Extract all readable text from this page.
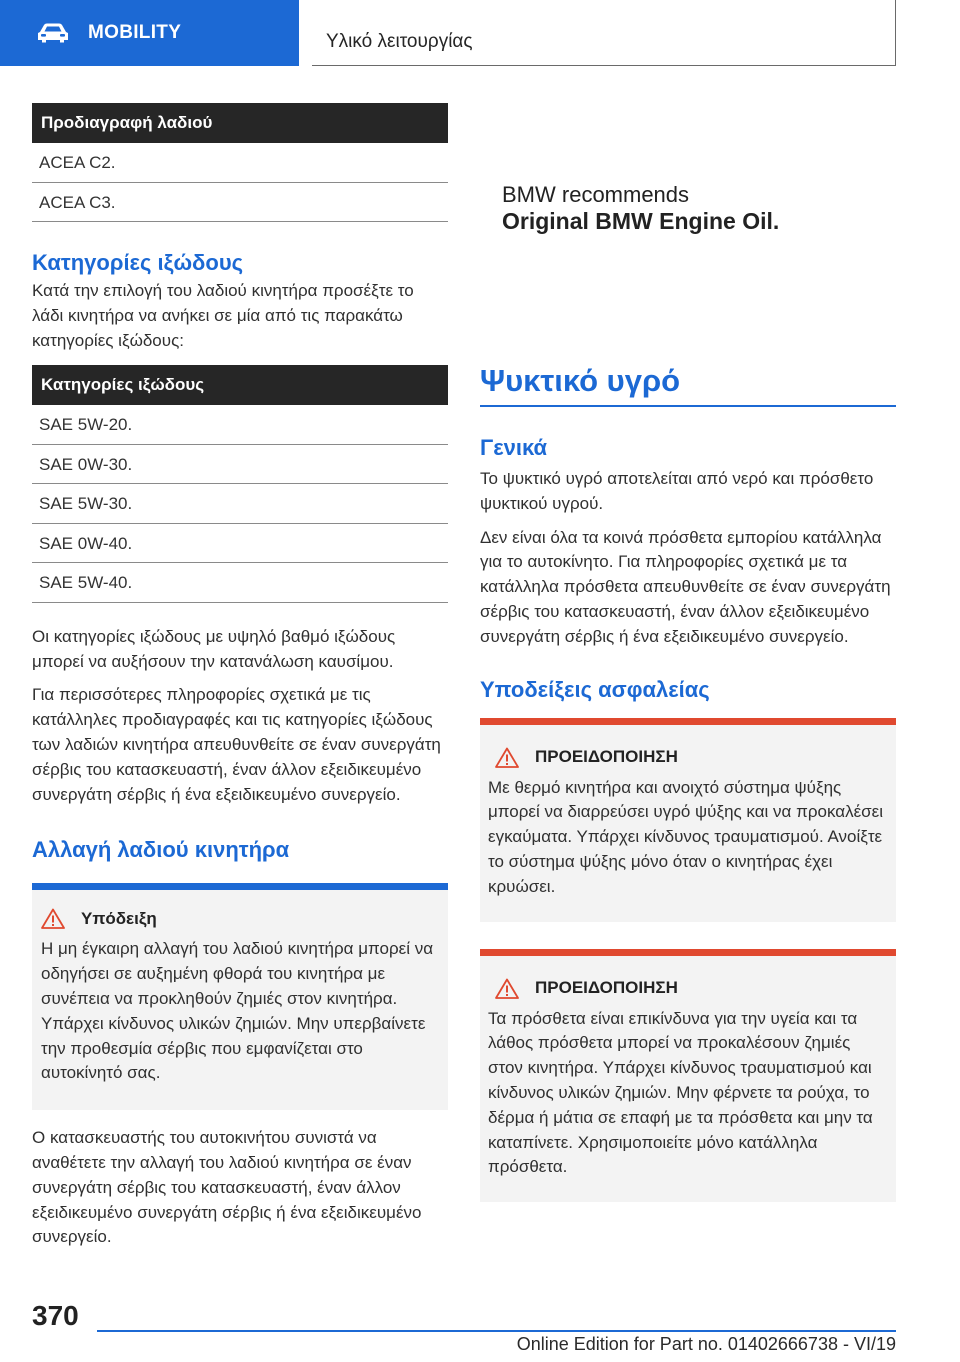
MOBILITY	Υλικό λειτουργίας
Προδιαγραφή λαδιού
ACEA C2.
ACEA C3.
Κατηγορίες ιξώδους

Κατά την επιλογή του λαδιού κινητήρα προσέξτε το λάδι κινητήρα να ανήκει σε μία από τις παρακάτω κατηγορίες ιξώδους:

Κατηγορίες ιξώδους
SAE 5W-20.
SAE 0W-30.
SAE 5W-30.
SAE 0W-40.
SAE 5W-40.

Οι κατηγορίες ιξώδους με υψηλό βαθμό ιξώδους μπορεί να αυξήσουν την κατανάλωση καυσίμου.

Για περισσότερες πληροφορίες σχετικά με τις κατάλληλες προδιαγραφές και τις κατηγορίες ιξώδους των λαδιών κινητήρα απευθυνθείτε σε έναν συνεργάτη σέρβις του κατασκευαστή, έναν άλλον εξειδικευμένο συνεργάτη σέρβις ή ένα εξειδικευμένο συνεργείο.

Αλλαγή λαδιού κινητήρα
Υπόδειξη

Η μη έγκαιρη αλλαγή του λαδιού κινητήρα μπορεί να οδηγήσει σε αυξημένη φθορά του κινητήρα με συνέπεια να προκληθούν ζημιές στον κινητήρα. Υπάρχει κίνδυνος υλικών ζημιών. Μην υπερβαίνετε την προθεσμία σέρβις που εμφανίζεται στο αυτοκίνητό σας.

Ο κατασκευαστής του αυτοκινήτου συνιστά να αναθέτετε την αλλαγή του λαδιού κινητήρα σε έναν συνεργάτη σέρβις του κατασκευαστή, έναν άλλον εξειδικευμένο συνεργάτη σέρβις ή ένα εξειδικευμένο συνεργείο.

BMW recommends
Original BMW Engine Oil.
Ψυκτικό υγρό
Γενικά

Το ψυκτικό υγρό αποτελείται από νερό και πρόσθετο ψυκτικού υγρού.

Δεν είναι όλα τα κοινά πρόσθετα εμπορίου κατάλληλα για το αυτοκίνητο. Για πληροφορίες σχετικά με τα κατάλληλα πρόσθετα απευθυνθείτε σε έναν συνεργάτη σέρβις του κατασκευαστή, έναν άλλον εξειδικευμένο συνεργάτη σέρβις ή ένα εξειδικευμένο συνεργείο.

Υποδείξεις ασφαλείας
ΠΡΟΕΙΔΟΠΟΙΗΣΗ

Με θερμό κινητήρα και ανοιχτό σύστημα ψύξης μπορεί να διαρρεύσει υγρό ψύξης και να προκαλέσει εγκαύματα. Υπάρχει κίνδυνος τραυματισμού. Ανοίξτε το σύστημα ψύξης μόνο όταν ο κινητήρας έχει κρυώσει.

ΠΡΟΕΙΔΟΠΟΙΗΣΗ

Τα πρόσθετα είναι επικίνδυνα για την υγεία και τα λάθος πρόσθετα μπορεί να προκαλέσουν ζημιές στον κινητήρα. Υπάρχει κίνδυνος τραυματισμού και κίνδυνος υλικών ζημιών. Μην φέρνετε τα ρούχα, το δέρμα ή μάτια σε επαφή με τα πρόσθετα και μην τα καταπίνετε. Χρησιμοποιείτε μόνο κατάλληλα πρόσθετα.

370
Online Edition for Part no. 01402666738 - VI/19
